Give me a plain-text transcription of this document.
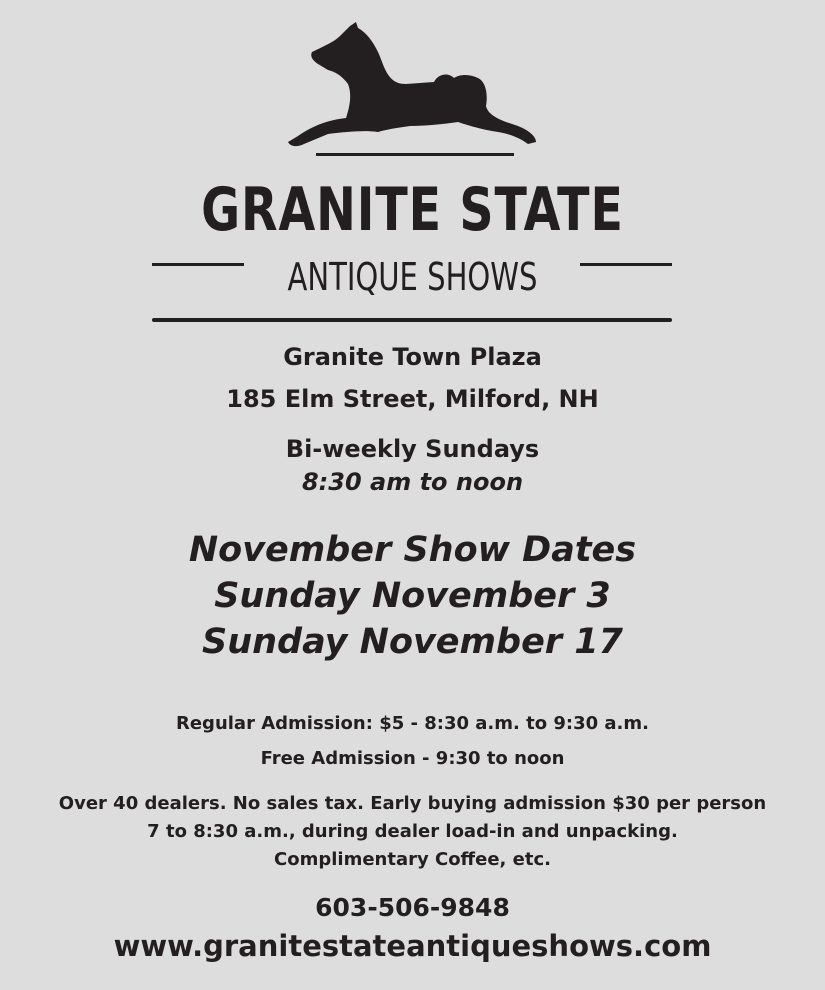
GRANITE STATE
ANTIQUE SHOWS
Granite Town Plaza
185 Elm Street, Milford, NH
Bi-weekly Sundays
8:30 am to noon
November Show Dates
Sunday November 3
Sunday November 17
Regular Admission: $5 - 8:30 a.m. to 9:30 a.m.
Free Admission - 9:30 to noon
Over 40 dealers. No sales tax. Early buying admission $30 per person
7 to 8:30 a.m., during dealer load-in and unpacking.
Complimentary Coffee, etc.
603-506-9848
www.granitestateantiqueshows.com
